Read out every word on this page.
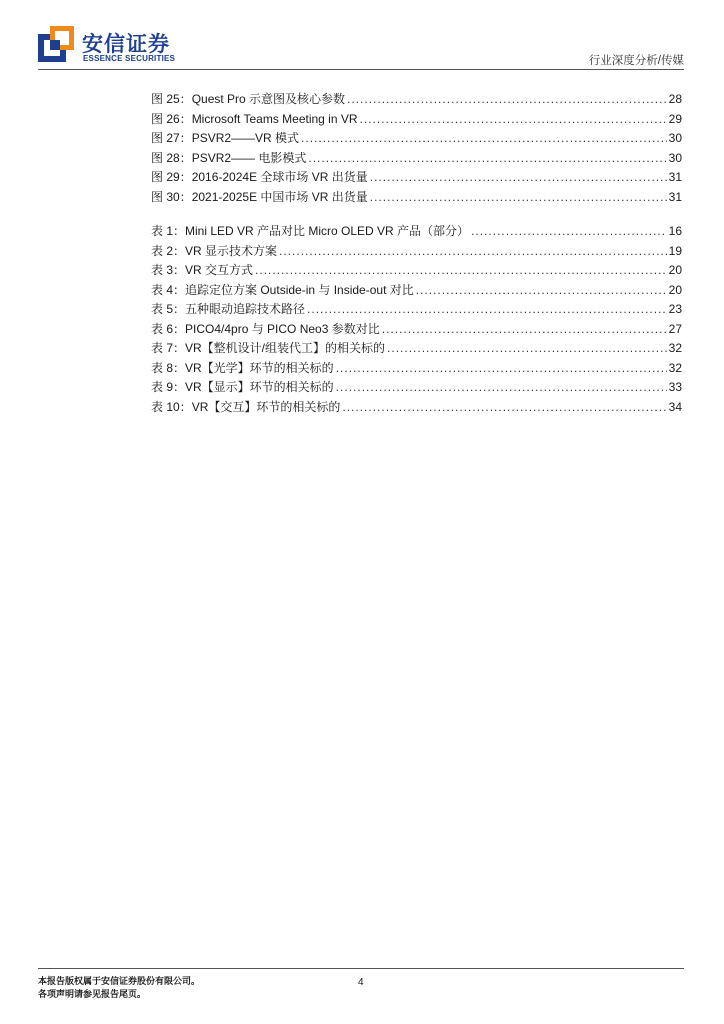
安信证券
ESSENCE SECURITIES	行业深度分析/传媒
图 25： Quest Pro 示意图及核心参数 .....	28
图 26： Microsoft Teams Meeting in VR .....	29
图 27： PSVR2——VR 模式 .....	30
图 28： PSVR2—— 电影模式 .....	30
图 29： 2016-2024E 全球市场 VR 出货量 .....	31
图 30： 2021-2025E 中国市场 VR 出货量 .....	31
表 1： Mini LED VR 产品对比 Micro OLED VR 产品（部分） .....	16
表 2： VR 显示技术方案 .....	19
表 3： VR 交互方式 .....	20
表 4： 追踪定位方案 Outside-in 与 Inside-out 对比 .....	20
表 5： 五种眼动追踪技术路径 .....	23
表 6： PICO4/4pro 与 PICO Neo3 参数对比 .....	27
表 7： VR【整机设计/组装代工】的相关标的 .....	32
表 8： VR【光学】环节的相关标的 .....	32
表 9： VR【显示】环节的相关标的 .....	33
表 10： VR【交互】环节的相关标的 .....	34
本报告版权属于安信证券股份有限公司。
各项声明请参见报告尾页。
4
